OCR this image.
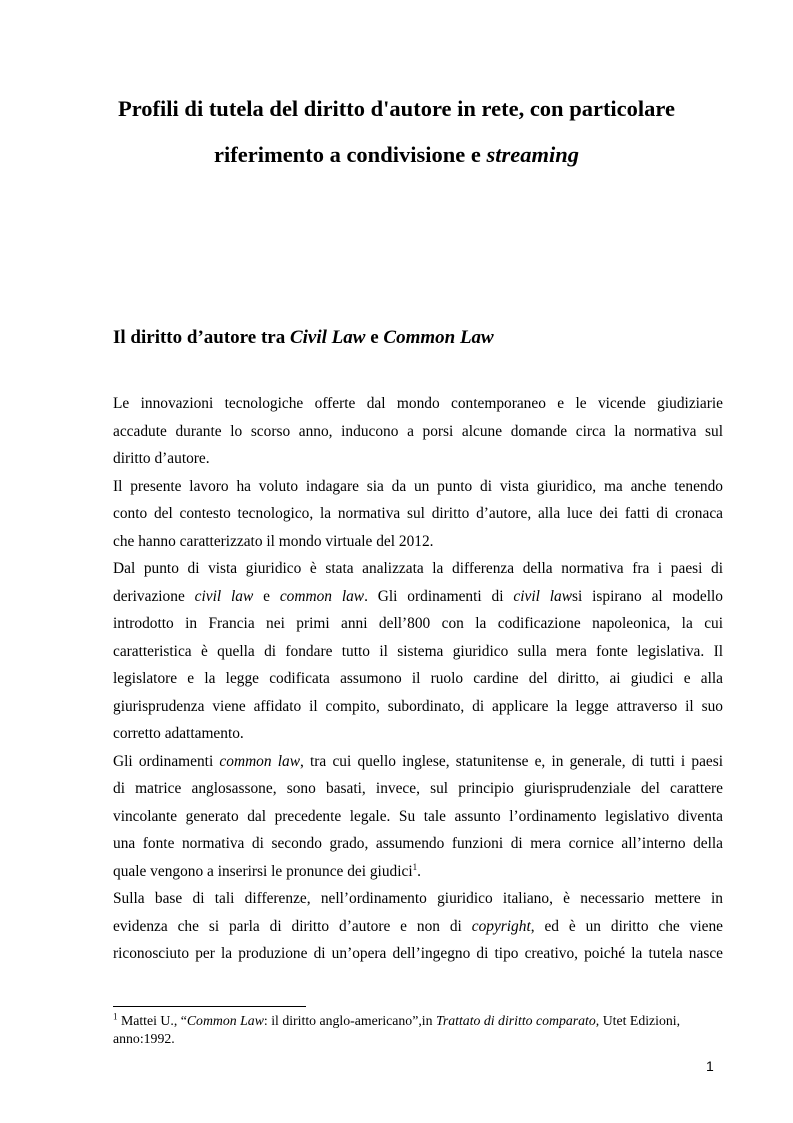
Profili di tutela del diritto d'autore in rete, con particolare
riferimento a condivisione e streaming
Il diritto d’autore tra Civil Law e Common Law
Le innovazioni tecnologiche offerte dal mondo contemporaneo e le vicende giudiziarie
accadute durante lo scorso anno, inducono a porsi alcune domande circa la normativa sul
diritto d’autore.
Il presente lavoro ha voluto indagare sia da un punto di vista giuridico, ma anche tenendo
conto del contesto tecnologico, la normativa sul diritto d’autore, alla luce dei fatti di cronaca
che hanno caratterizzato il mondo virtuale del 2012.
Dal punto di vista giuridico è stata analizzata la differenza della normativa fra i paesi di
derivazione civil law e common law. Gli ordinamenti di civil lawsi ispirano al modello
introdotto in Francia nei primi anni dell’800 con la codificazione napoleonica, la cui
caratteristica è quella di fondare tutto il sistema giuridico sulla mera fonte legislativa. Il
legislatore e la legge codificata assumono il ruolo cardine del diritto, ai giudici e alla
giurisprudenza viene affidato il compito, subordinato, di applicare la legge attraverso il suo
corretto adattamento.
Gli ordinamenti common law, tra cui quello inglese, statunitense e, in generale, di tutti i paesi
di matrice anglosassone, sono basati, invece, sul principio giurisprudenziale del carattere
vincolante generato dal precedente legale. Su tale assunto l’ordinamento legislativo diventa
una fonte normativa di secondo grado, assumendo funzioni di mera cornice all’interno della
quale vengono a inserirsi le pronunce dei giudici$^1$.
Sulla base di tali differenze, nell’ordinamento giuridico italiano, è necessario mettere in
evidenza che si parla di diritto d’autore e non di copyright, ed è un diritto che viene
riconosciuto per la produzione di un’opera dell’ingegno di tipo creativo, poiché la tutela nasce
$^1$ Mattei U., “Common Law: il diritto anglo-americano”,in Trattato di diritto comparato, Utet Edizioni,
anno:1992.
1
